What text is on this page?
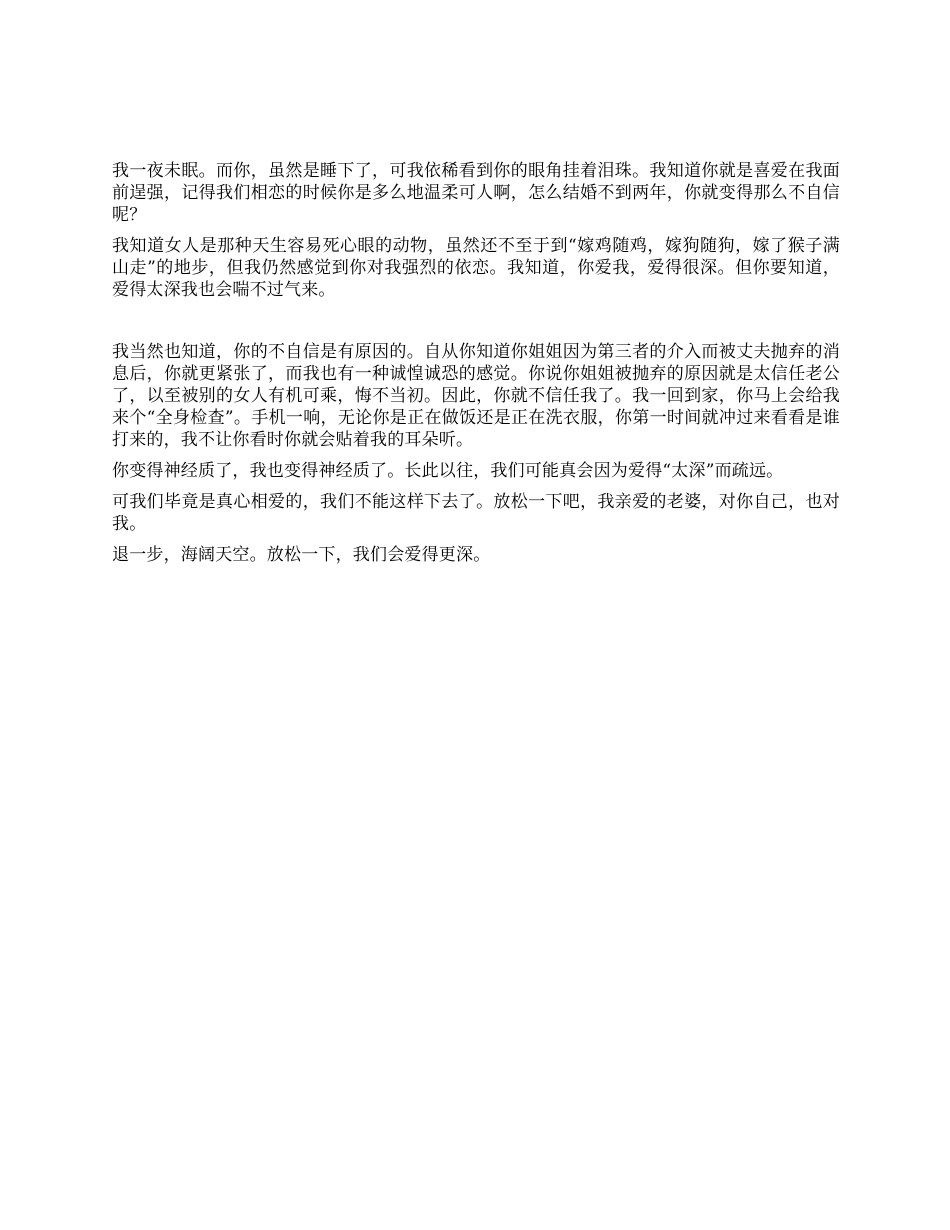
我一夜未眠。而你，虽然是睡下了，可我依稀看到你的眼角挂着泪珠。我知道你就是喜爱在我面前逞强，记得我们相恋的时候你是多么地温柔可人啊，怎么结婚不到两年，你就变得那么不自信呢？

我知道女人是那种天生容易死心眼的动物，虽然还不至于到“嫁鸡随鸡，嫁狗随狗，嫁了猴子满山走”的地步，但我仍然感觉到你对我强烈的依恋。我知道，你爱我，爱得很深。但你要知道，爱得太深我也会喘不过气来。

我当然也知道，你的不自信是有原因的。自从你知道你姐姐因为第三者的介入而被丈夫抛弃的消息后，你就更紧张了，而我也有一种诚惶诚恐的感觉。你说你姐姐被抛弃的原因就是太信任老公了，以至被别的女人有机可乘，悔不当初。因此，你就不信任我了。我一回到家，你马上会给我来个“全身检查”。手机一响，无论你是正在做饭还是正在洗衣服，你第一时间就冲过来看看是谁打来的，我不让你看时你就会贴着我的耳朵听。

你变得神经质了，我也变得神经质了。长此以往，我们可能真会因为爱得“太深”而疏远。

可我们毕竟是真心相爱的，我们不能这样下去了。放松一下吧，我亲爱的老婆，对你自己，也对我。

退一步，海阔天空。放松一下，我们会爱得更深。
